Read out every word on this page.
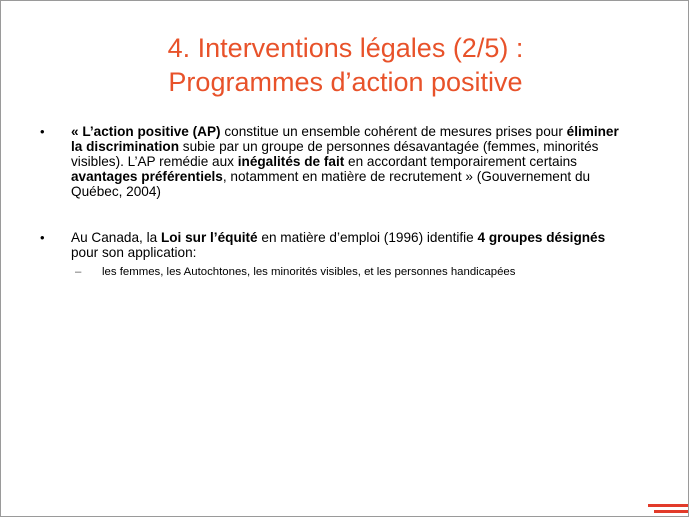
4. Interventions légales (2/5) :
Programmes d’action positive
• « L’action positive (AP) constitue un ensemble cohérent de mesures prises pour éliminer la discrimination subie par un groupe de personnes désavantagée (femmes, minorités visibles). L’AP remédie aux inégalités de fait en accordant temporairement certains avantages préférentiels, notamment en matière de recrutement » (Gouvernement du Québec, 2004)
• Au Canada, la Loi sur l’équité en matière d’emploi (1996) identifie 4 groupes désignés pour son application:
– les femmes, les Autochtones, les minorités visibles, et les personnes handicapées
